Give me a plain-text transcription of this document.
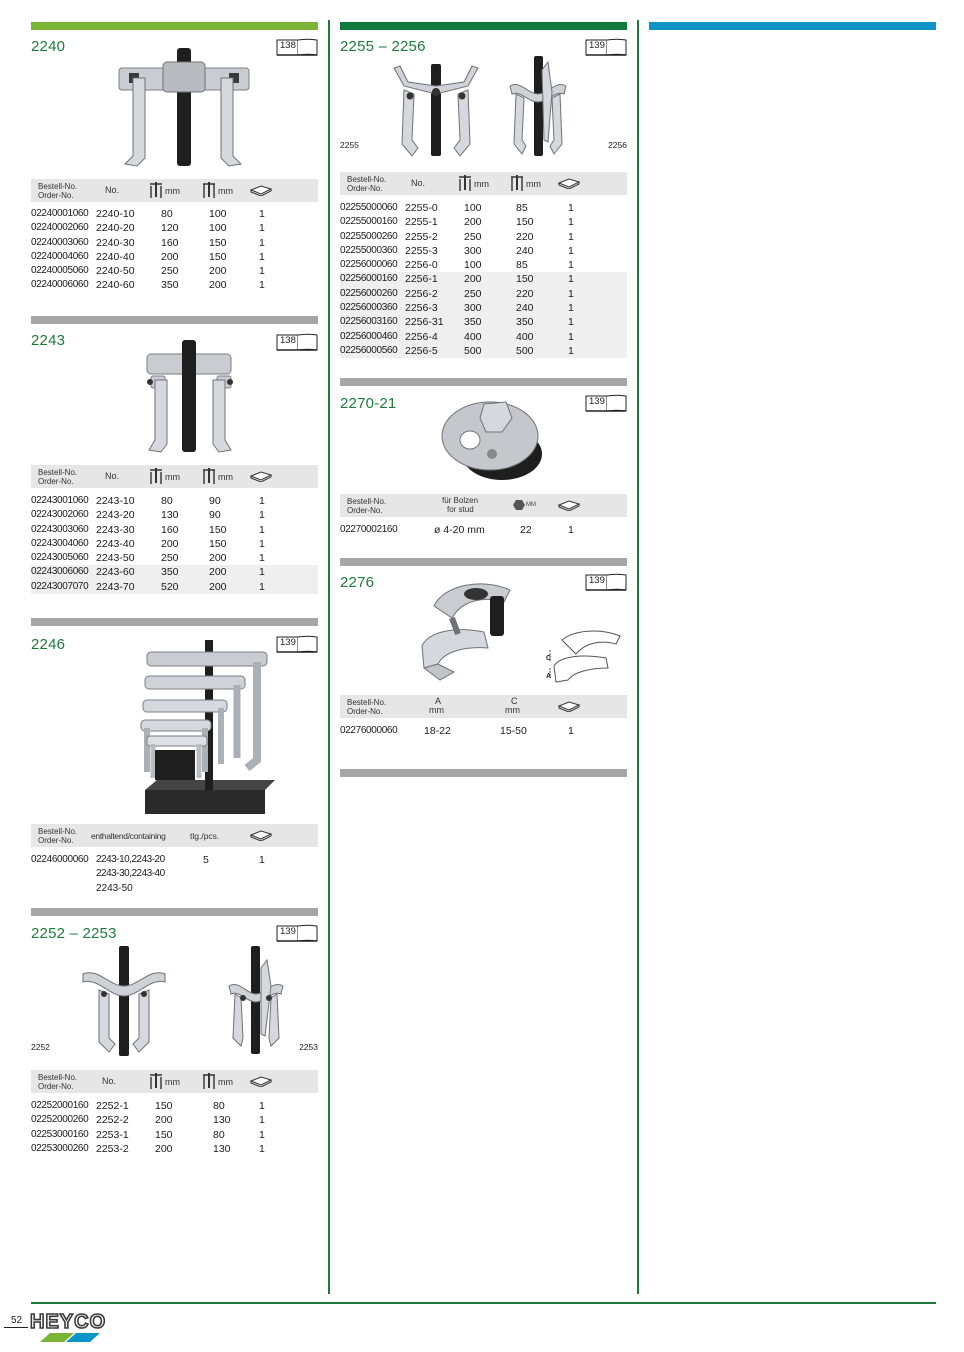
2240	138
Bestell-No.
Order-No.
No.	mm	mm
02240001060 2240-10	80	100	1
02240002060 2240-20	120	100	1
02240003060 2240-30	160	150	1
02240004060 2240-40	200	150	1
02240005060 2240-50	250	200	1
02240006060 2240-60	350	200	1
2243	138
Bestell-No.
Order-No.
No.	mm	mm
02243001060 2243-10	80	90	1
02243002060 2243-20	130	90	1
02243003060 2243-30	160	150	1
02243004060 2243-40	200	150	1
02243005060 2243-50	250	200	1
02243006060 2243-60	350	200	1
02243007070 2243-70	520	200	1
2246	139
Bestell-No.
Order-No. enthaltend/containing	tlg./pcs.
02246000060 2243-10,2243-20	5	1
2243-30,2243-40
2243-50
2252 – 2253	139
2252	2253
Bestell-No.
Order-No.
No.	mm	mm
02252000160 2252-1	150	80	1
02252000260 2252-2	200	130	1
02253000160 2253-1	150	80	1
02253000260 2253-2	200	130	1
2255 – 2256	139
2255	2256
Bestell-No.
Order-No.
No.	mm	mm
02255000060 2255-0	100	85	1
02255000160 2255-1	200	150	1
02255000260 2255-2	250	220	1
02255000360 2255-3	300	240	1
02256000060 2256-0	100	85	1
02256000160 2256-1	200	150	1
02256000260 2256-2	250	220	1
02256000360 2256-3	300	240	1
02256003160 2256-31 350	350	1
02256000460 2256-4	400	400	1
02256000560 2256-5	500	500	1
2270-21	139
Bestell-No.
Order-No.
für Bolzen
for stud	MM
02270002160	ø 4-20 mm	22	1
2276	139
C
A
Bestell-No.
Order-No.
A
mm
C
mm
02276000060	18-22	15-50	1
52 HEYCO
